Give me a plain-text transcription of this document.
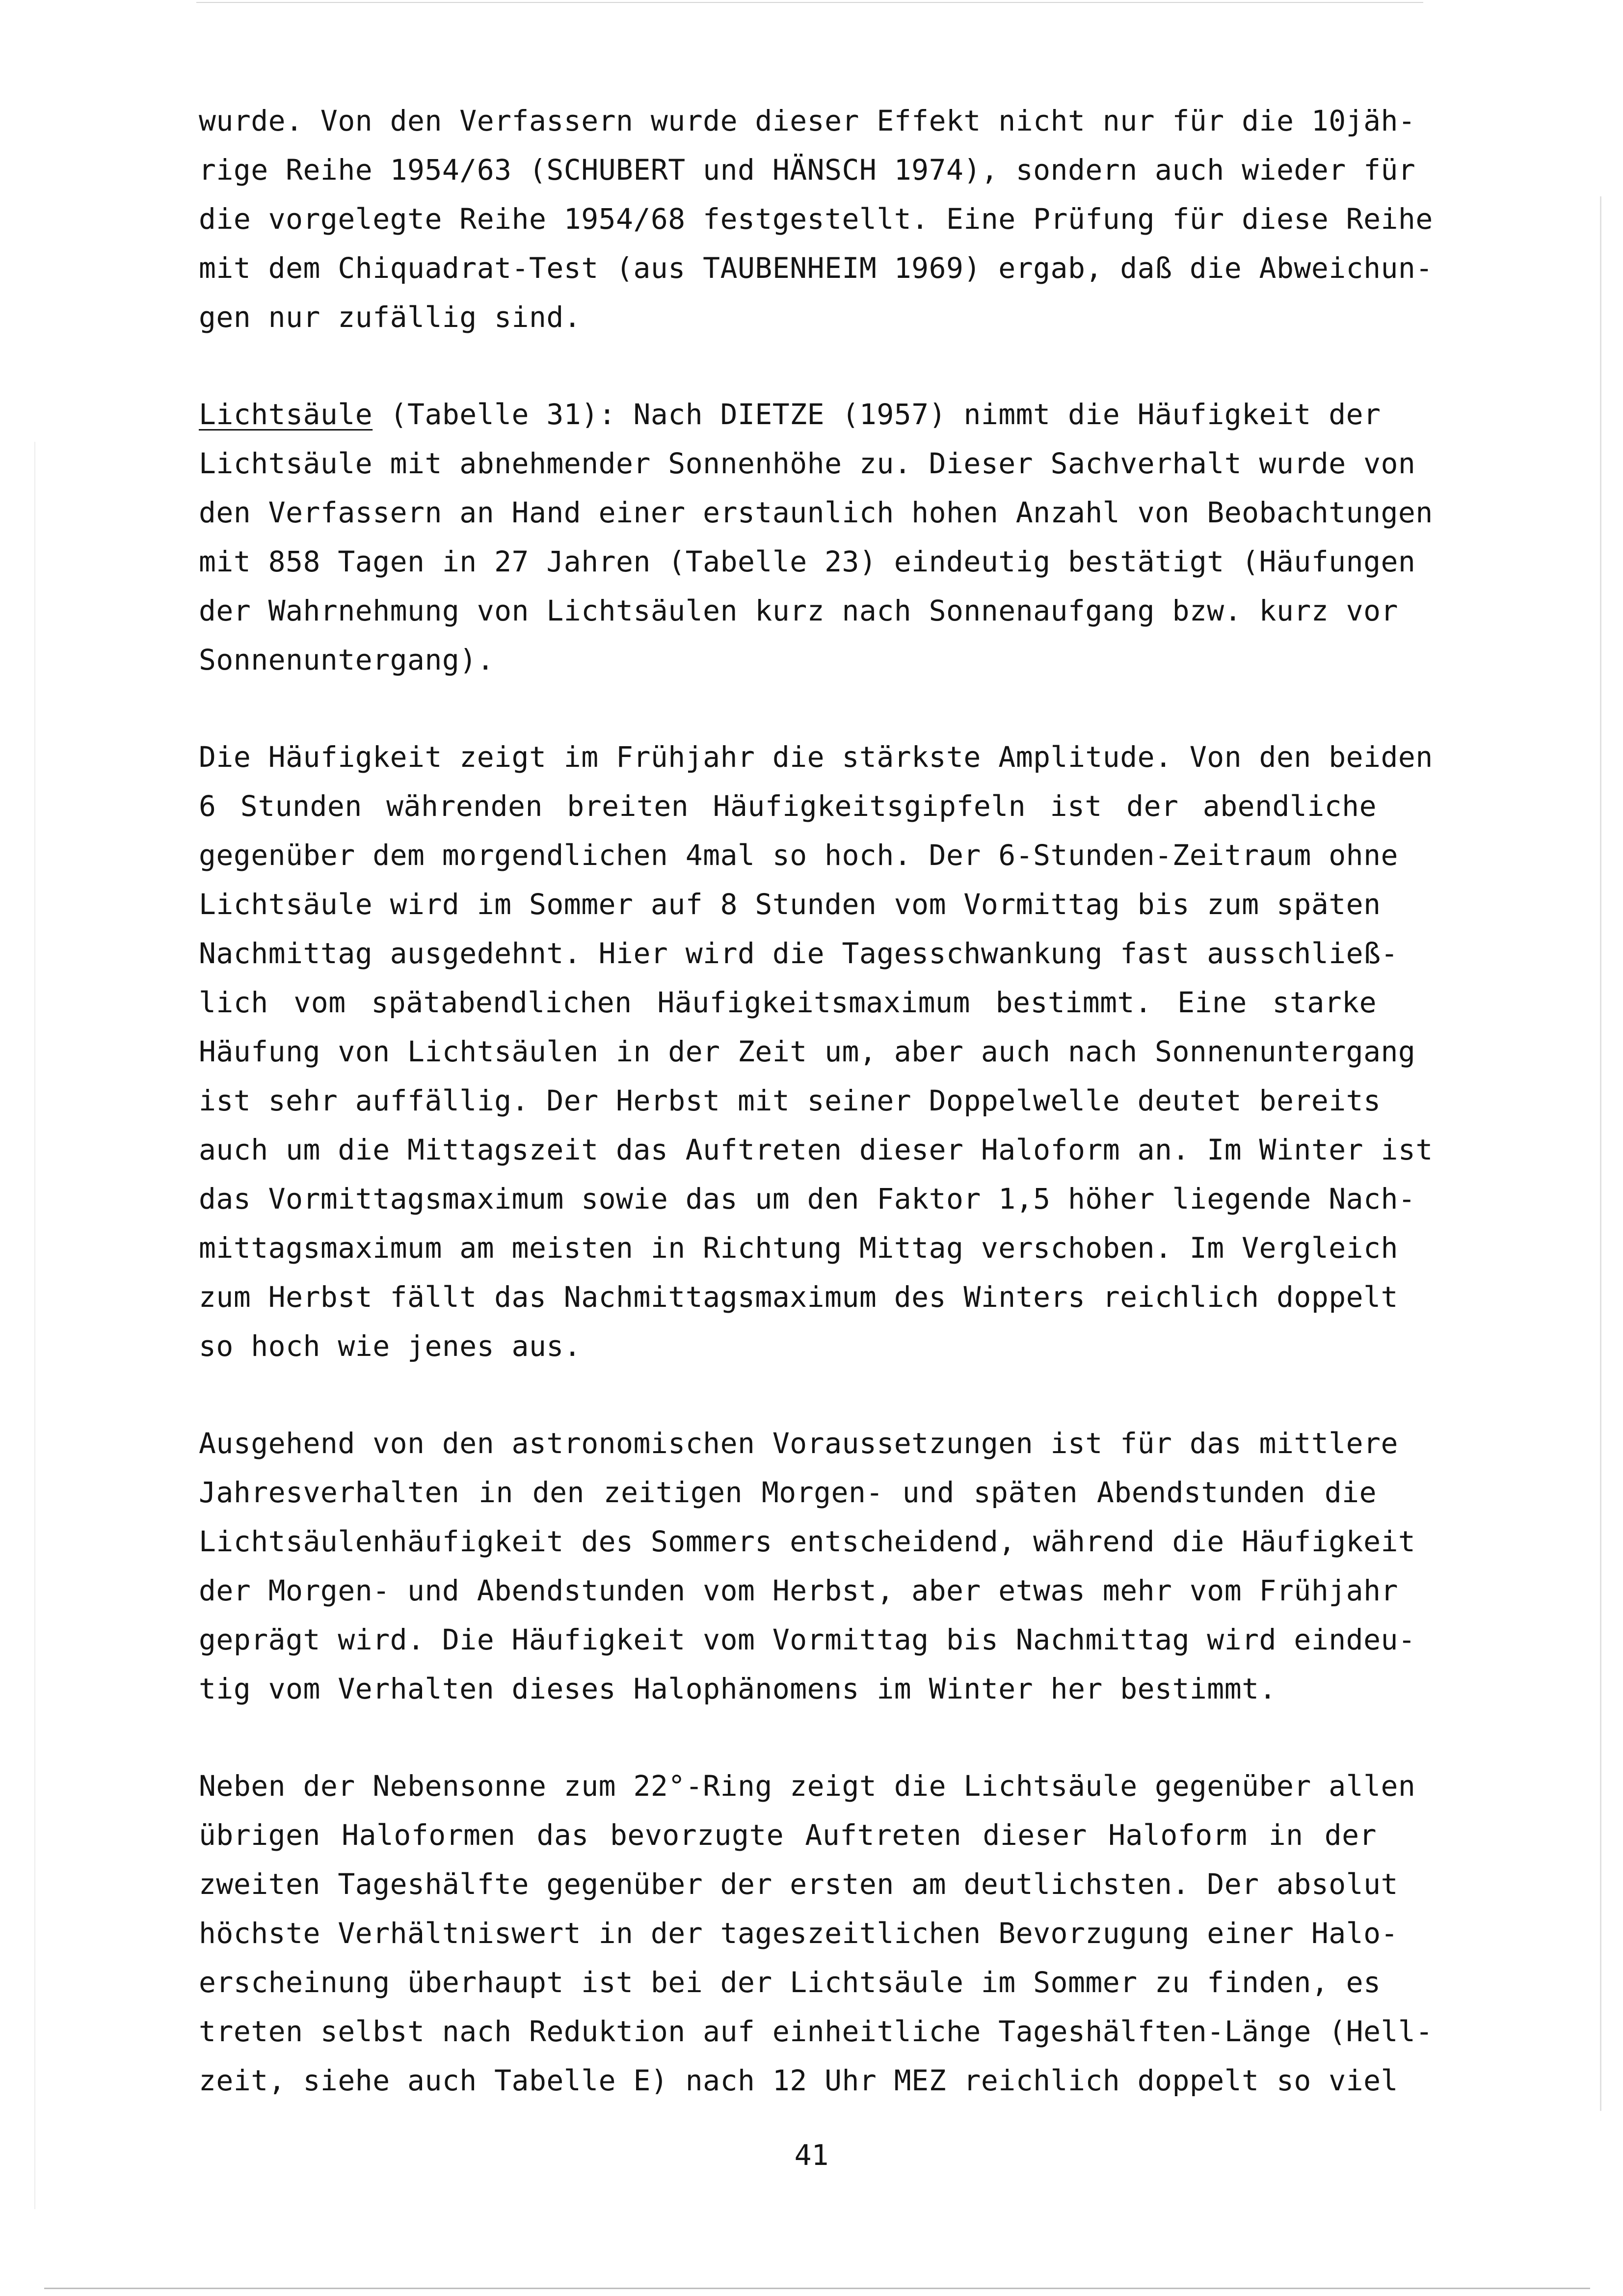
wurde. Von den Verfassern wurde dieser Effekt nicht nur für die 10jäh-
rige Reihe 1954/63 (SCHUBERT und HÄNSCH 1974), sondern auch wieder für
die vorgelegte Reihe 1954/68 festgestellt. Eine Prüfung für diese Reihe
mit dem Chiquadrat-Test (aus TAUBENHEIM 1969) ergab, daß die Abweichun-
gen nur zufällig sind.

Lichtsäule (Tabelle 31): Nach DIETZE (1957) nimmt die Häufigkeit der
Lichtsäule mit abnehmender Sonnenhöhe zu. Dieser Sachverhalt wurde von
den Verfassern an Hand einer erstaunlich hohen Anzahl von Beobachtungen
mit 858 Tagen in 27 Jahren (Tabelle 23) eindeutig bestätigt (Häufungen
der Wahrnehmung von Lichtsäulen kurz nach Sonnenaufgang bzw. kurz vor
Sonnenuntergang).

Die Häufigkeit zeigt im Frühjahr die stärkste Amplitude. Von den beiden
6 Stunden währenden breiten Häufigkeitsgipfeln ist der abendliche
gegenüber dem morgendlichen 4mal so hoch. Der 6-Stunden-Zeitraum ohne
Lichtsäule wird im Sommer auf 8 Stunden vom Vormittag bis zum späten
Nachmittag ausgedehnt. Hier wird die Tagesschwankung fast ausschließ-
lich vom spätabendlichen Häufigkeitsmaximum bestimmt. Eine starke
Häufung von Lichtsäulen in der Zeit um, aber auch nach Sonnenuntergang
ist sehr auffällig. Der Herbst mit seiner Doppelwelle deutet bereits
auch um die Mittagszeit das Auftreten dieser Haloform an. Im Winter ist
das Vormittagsmaximum sowie das um den Faktor 1,5 höher liegende Nach-
mittagsmaximum am meisten in Richtung Mittag verschoben. Im Vergleich
zum Herbst fällt das Nachmittagsmaximum des Winters reichlich doppelt
so hoch wie jenes aus.

Ausgehend von den astronomischen Voraussetzungen ist für das mittlere
Jahresverhalten in den zeitigen Morgen- und späten Abendstunden die
Lichtsäulenhäufigkeit des Sommers entscheidend, während die Häufigkeit
der Morgen- und Abendstunden vom Herbst, aber etwas mehr vom Frühjahr
geprägt wird. Die Häufigkeit vom Vormittag bis Nachmittag wird eindeu-
tig vom Verhalten dieses Halophänomens im Winter her bestimmt.

Neben der Nebensonne zum 22°-Ring zeigt die Lichtsäule gegenüber allen
übrigen Haloformen das bevorzugte Auftreten dieser Haloform in der
zweiten Tageshälfte gegenüber der ersten am deutlichsten. Der absolut
höchste Verhältniswert in der tageszeitlichen Bevorzugung einer Halo-
erscheinung überhaupt ist bei der Lichtsäule im Sommer zu finden, es
treten selbst nach Reduktion auf einheitliche Tageshälften-Länge (Hell-
zeit, siehe auch Tabelle E) nach 12 Uhr MEZ reichlich doppelt so viel

41
